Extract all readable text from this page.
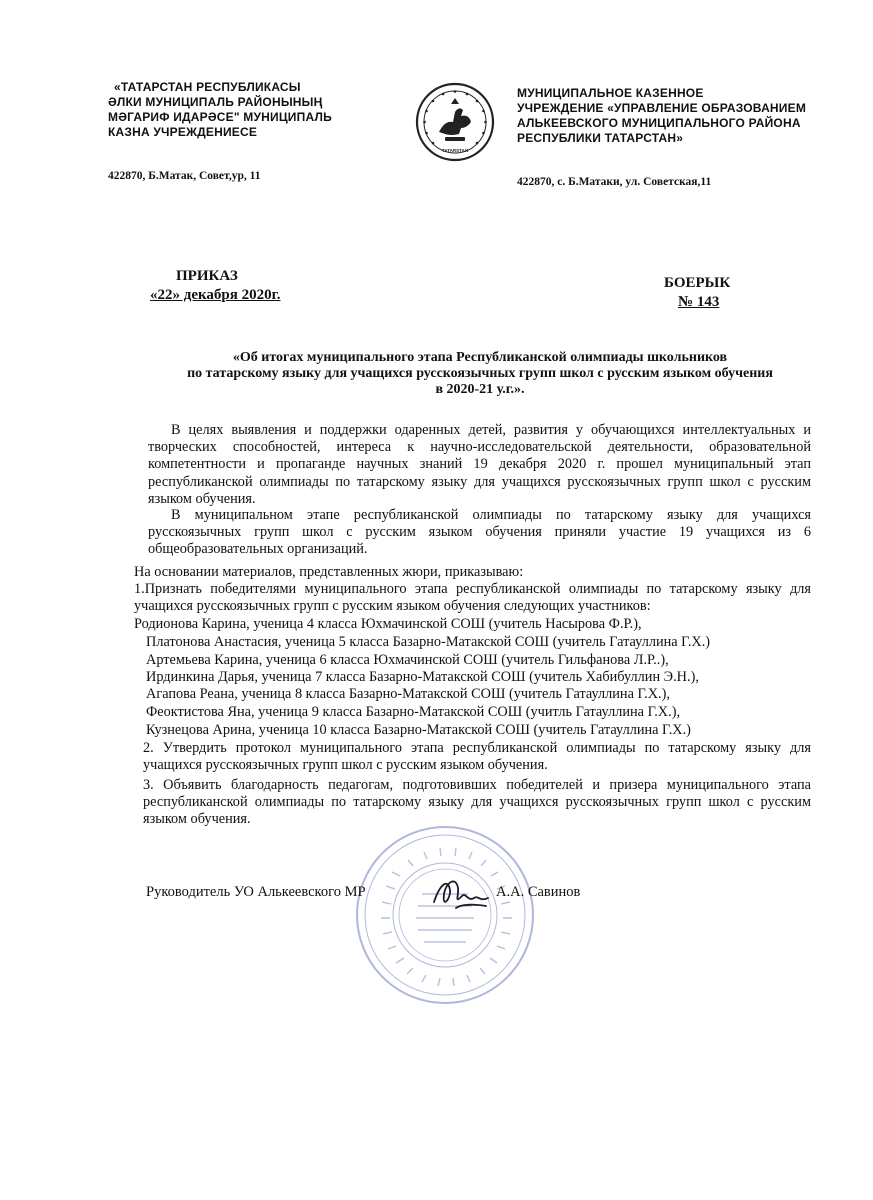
«ТАТАРСТАН РЕСПУБЛИКАСЫ
ӘЛКИ МУНИЦИПАЛЬ РАЙОНЫНЫҢ
МӘГАРИФ ИДАРӘСЕ" МУНИЦИПАЛЬ
КАЗНА УЧРЕЖДЕНИЕСЕ
422870, Б.Матак, Совет,ур, 11
TATARSTAN
МУНИЦИПАЛЬНОЕ КАЗЕННОЕ
УЧРЕЖДЕНИЕ «УПРАВЛЕНИЕ ОБРАЗОВАНИЕМ
АЛЬКЕЕВСКОГО МУНИЦИПАЛЬНОГО РАЙОНА
РЕСПУБЛИКИ ТАТАРСТАН»
422870, с. Б.Матаки, ул. Советская,11
ПРИКАЗ
«22» декабря 2020г.
БОЕРЫК
№ 143
«Об итогах муниципального этапа Республиканской олимпиады школьников
по татарскому языку для учащихся русскоязычных групп школ с русским языком обучения
в 2020-21 у.г.».
В целях выявления и поддержки одаренных детей, развития у обучающихся интеллектуальных и творческих способностей, интереса к научно-исследовательской деятельности, образовательной компетентности и пропаганде научных знаний 19 декабря 2020 г. прошел муниципальный этап республиканской олимпиады по татарскому языку для учащихся русскоязычных групп школ с русским языком обучения.
В муниципальном этапе республиканской олимпиады по татарскому языку для учащихся русскоязычных групп школ с русским языком обучения приняли участие 19 учащихся из 6 общеобразовательных организаций.
На основании материалов, представленных жюри, приказываю:
1.Признать победителями муниципального этапа республиканской олимпиады по татарскому языку для учащихся русскоязычных групп с русским языком обучения следующих участников:
Родионова Карина, ученица 4 класса Юхмачинской СОШ (учитель Насырова Ф.Р.),
Платонова Анастасия, ученица 5 класса Базарно-Матакской СОШ (учитель Гатауллина Г.Х.)
Артемьева Карина, ученица 6 класса Юхмачинской СОШ (учитель Гильфанова Л.Р..),
Ирдинкина Дарья, ученица 7 класса Базарно-Матакской СОШ (учитель Хабибуллин Э.Н.),
Агапова Реана, ученица 8 класса Базарно-Матакской СОШ (учитель Гатауллина Г.Х.),
Феоктистова Яна, ученица 9 класса Базарно-Матакской СОШ (учитль Гатауллина Г.Х.),
Кузнецова Арина, ученица 10 класса Базарно-Матакской СОШ (учитель Гатауллина Г.Х.)
2. Утвердить протокол муниципального этапа республиканской олимпиады по татарскому языку для учащихся русскоязычных групп школ с русским языком обучения.
3. Объявить благодарность педагогам, подготовивших победителей и призера муниципального этапа республиканской олимпиады по татарскому языку для учащихся русскоязычных групп школ с русским языком обучения.
Руководитель УО Алькеевского МР	А.А. Савинов
